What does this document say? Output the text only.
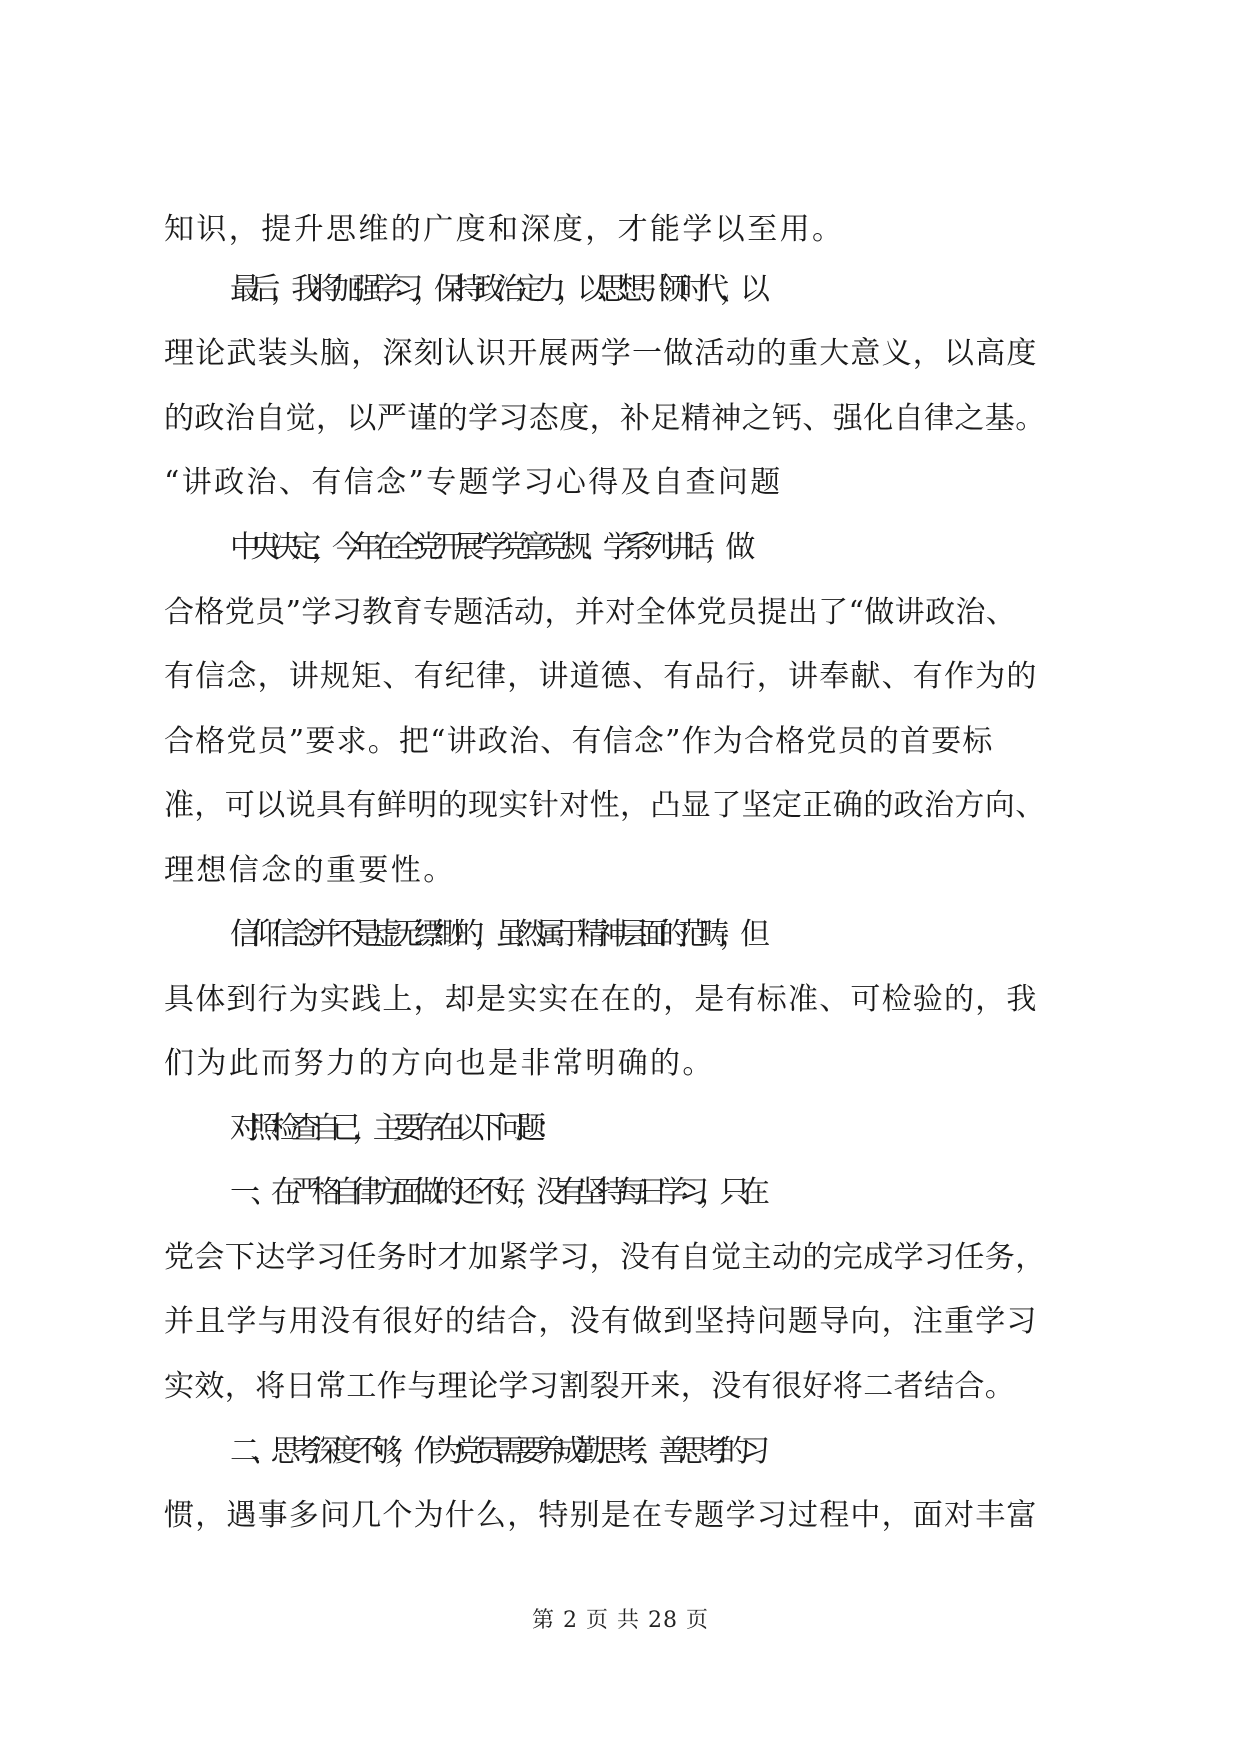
知识，提升思维的广度和深度，才能学以至用。
最后，我将加强学习，保持政治定力，以思想引领时代，以
理论武装头脑，深刻认识开展两学一做活动的重大意义，以高度
的政治自觉，以严谨的学习态度，补足精神之钙、强化自律之基。
“讲政治、有信念”专题学习心得及自查问题
中央决定，今年在全党开展“学党章党规、学系列讲话，做
合格党员”学习教育专题活动，并对全体党员提出了“做讲政治、
有信念，讲规矩、有纪律，讲道德、有品行，讲奉献、有作为的
合格党员”要求。把“讲政治、有信念”作为合格党员的首要标
准，可以说具有鲜明的现实针对性，凸显了坚定正确的政治方向、
理想信念的重要性。
信仰信念并不是虚无缥缈的，虽然属于精神层面的范畴，但
具体到行为实践上，却是实实在在的，是有标准、可检验的，我
们为此而努力的方向也是非常明确的。
对照检查自己，主要存在以下问题：
一、在严格自律方面做的还不好，没有坚持每日学习，只在
党会下达学习任务时才加紧学习，没有自觉主动的完成学习任务，
并且学与用没有很好的结合，没有做到坚持问题导向，注重学习
实效，将日常工作与理论学习割裂开来，没有很好将二者结合。
二、思考深度不够，作为党员需要养成勤思考、善思考的习
惯，遇事多问几个为什么，特别是在专题学习过程中，面对丰富
第 2 页 共 28 页
